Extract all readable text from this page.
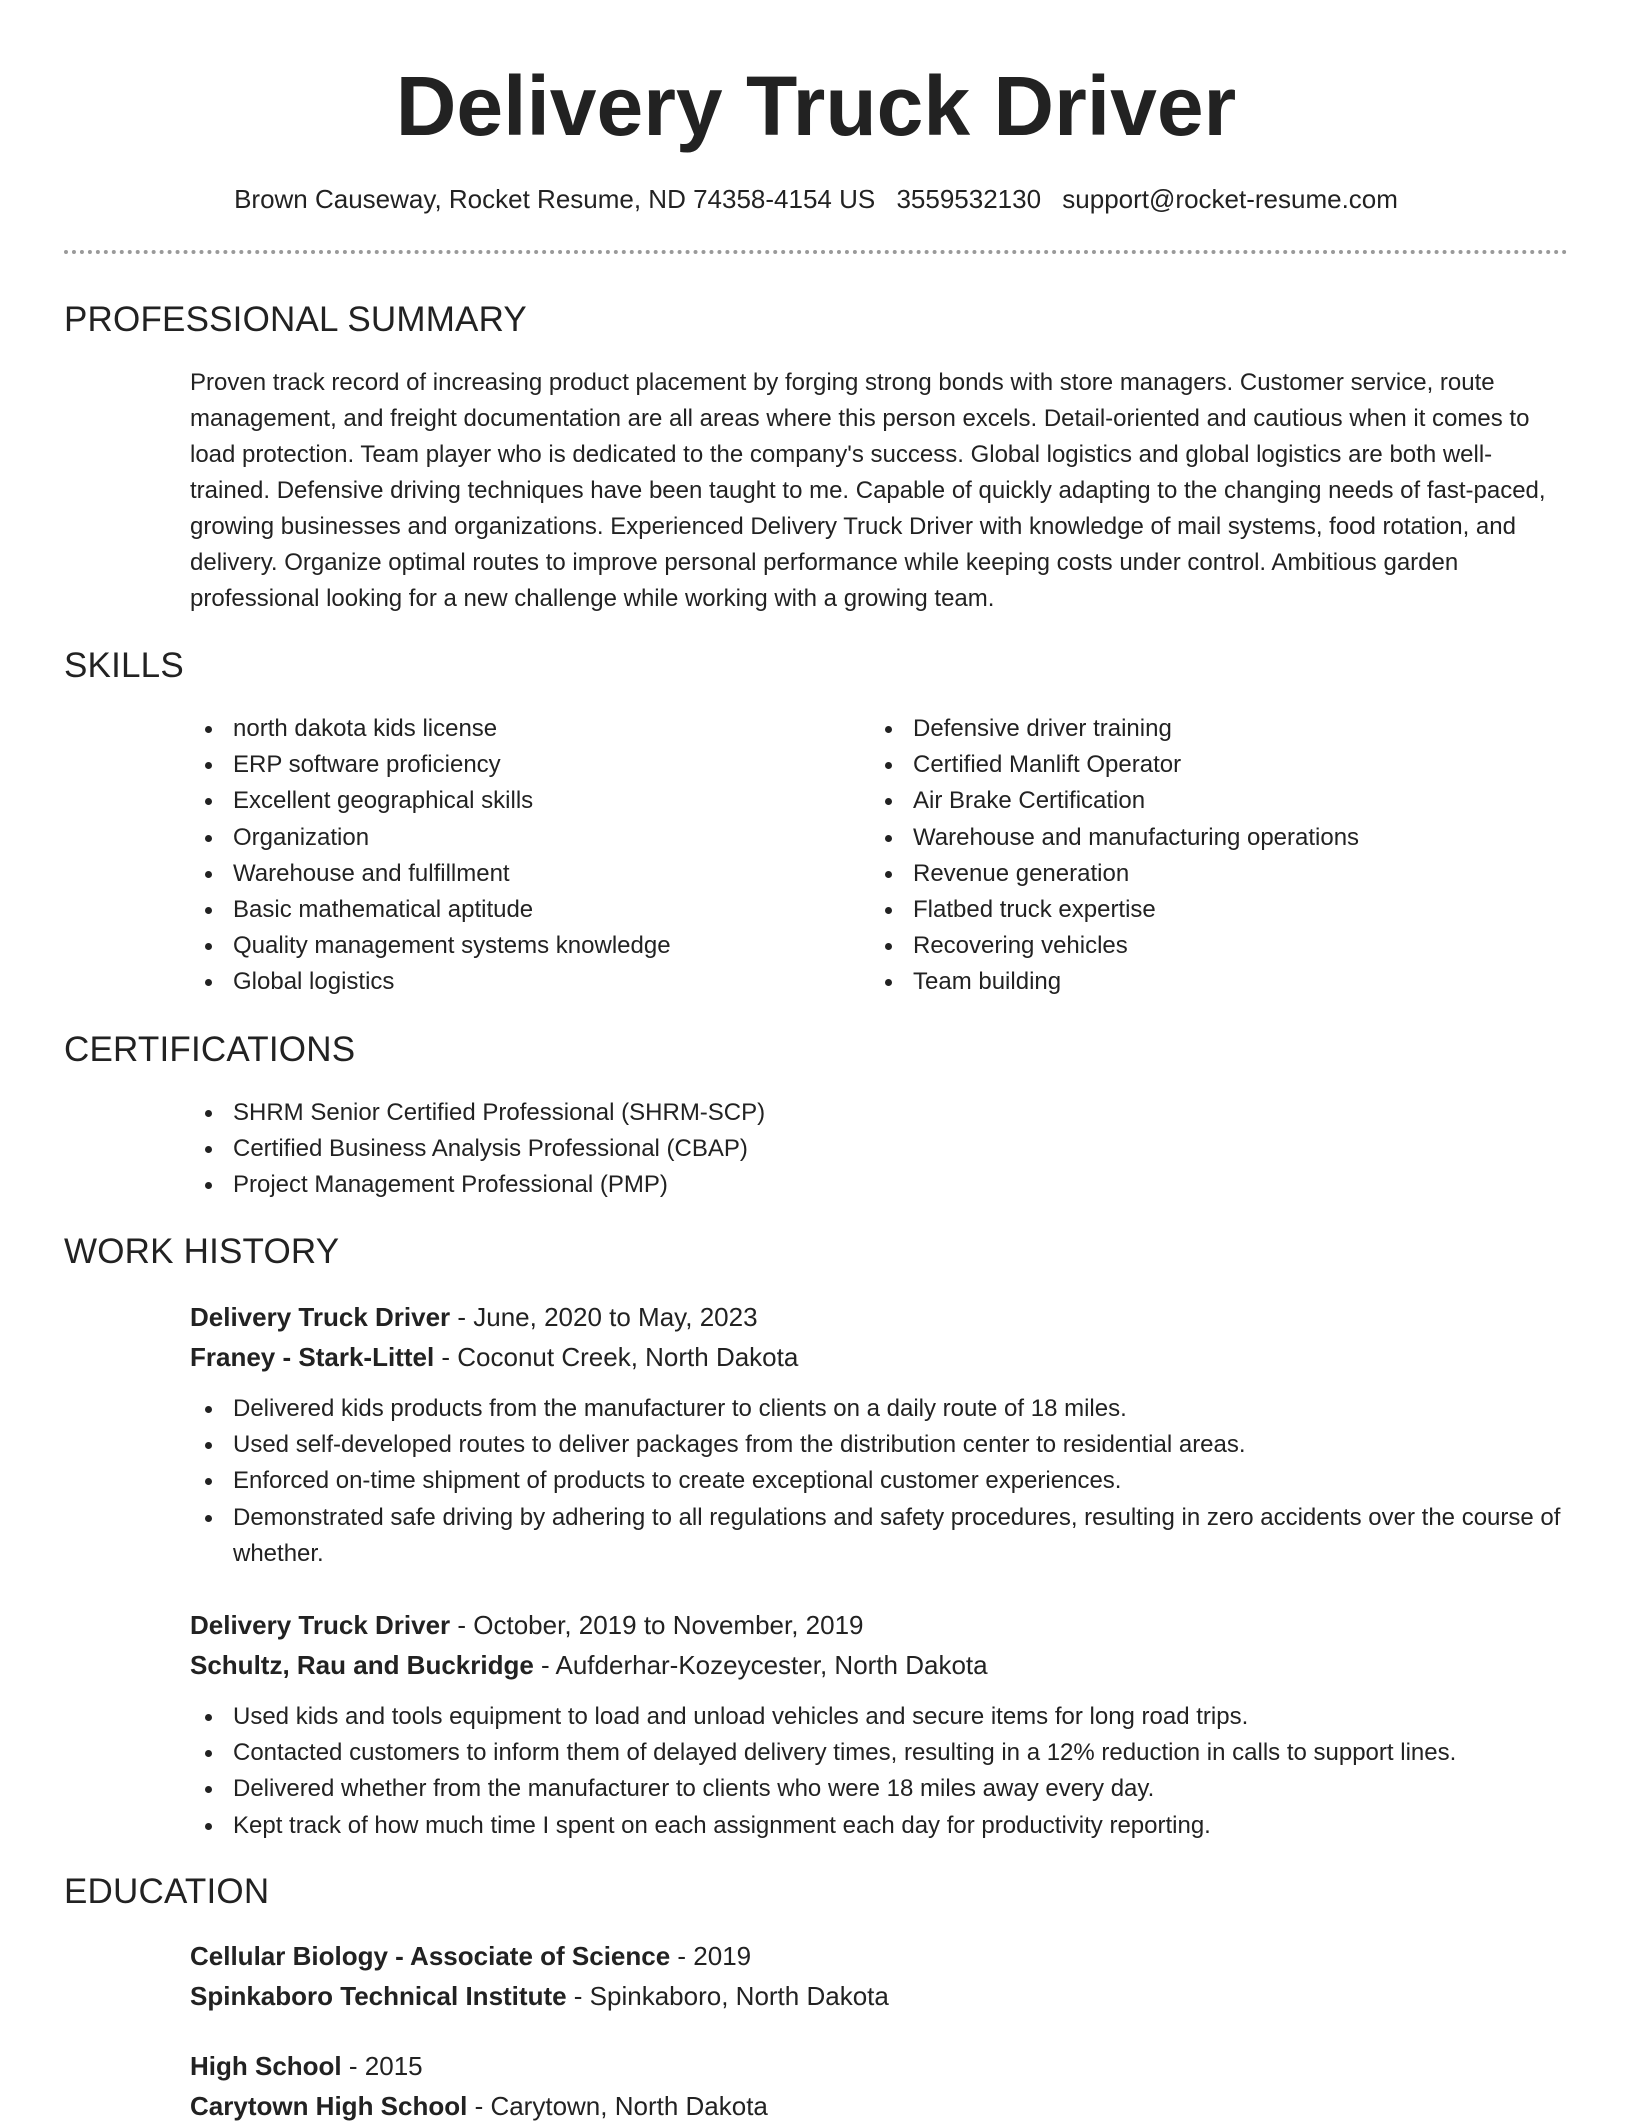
Delivery Truck Driver
Brown Causeway, Rocket Resume, ND 74358-4154 US 3559532130 support@rocket-resume.com
PROFESSIONAL SUMMARY

Proven track record of increasing product placement by forging strong bonds with store managers. Customer service, route management, and freight documentation are all areas where this person excels. Detail-oriented and cautious when it comes to load protection. Team player who is dedicated to the company's success. Global logistics and global logistics are both well-trained. Defensive driving techniques have been taught to me. Capable of quickly adapting to the changing needs of fast-paced, growing businesses and organizations. Experienced Delivery Truck Driver with knowledge of mail systems, food rotation, and delivery. Organize optimal routes to improve personal performance while keeping costs under control. Ambitious garden professional looking for a new challenge while working with a growing team.

SKILLS
north dakota kids license
ERP software proficiency
Excellent geographical skills
Organization
Warehouse and fulfillment
Basic mathematical aptitude
Quality management systems knowledge
Global logistics
Defensive driver training
Certified Manlift Operator
Air Brake Certification
Warehouse and manufacturing operations
Revenue generation
Flatbed truck expertise
Recovering vehicles
Team building
CERTIFICATIONS
SHRM Senior Certified Professional (SHRM-SCP)
Certified Business Analysis Professional (CBAP)
Project Management Professional (PMP)
WORK HISTORY
Delivery Truck Driver - June, 2020 to May, 2023
Franey - Stark-Littel - Coconut Creek, North Dakota
Delivered kids products from the manufacturer to clients on a daily route of 18 miles.
Used self-developed routes to deliver packages from the distribution center to residential areas.
Enforced on-time shipment of products to create exceptional customer experiences.
Demonstrated safe driving by adhering to all regulations and safety procedures, resulting in zero accidents over the course of whether.
Delivery Truck Driver - October, 2019 to November, 2019
Schultz, Rau and Buckridge - Aufderhar-Kozeycester, North Dakota
Used kids and tools equipment to load and unload vehicles and secure items for long road trips.
Contacted customers to inform them of delayed delivery times, resulting in a 12% reduction in calls to support lines.
Delivered whether from the manufacturer to clients who were 18 miles away every day.
Kept track of how much time I spent on each assignment each day for productivity reporting.
EDUCATION
Cellular Biology - Associate of Science - 2019
Spinkaboro Technical Institute - Spinkaboro, North Dakota
High School - 2015
Carytown High School - Carytown, North Dakota
